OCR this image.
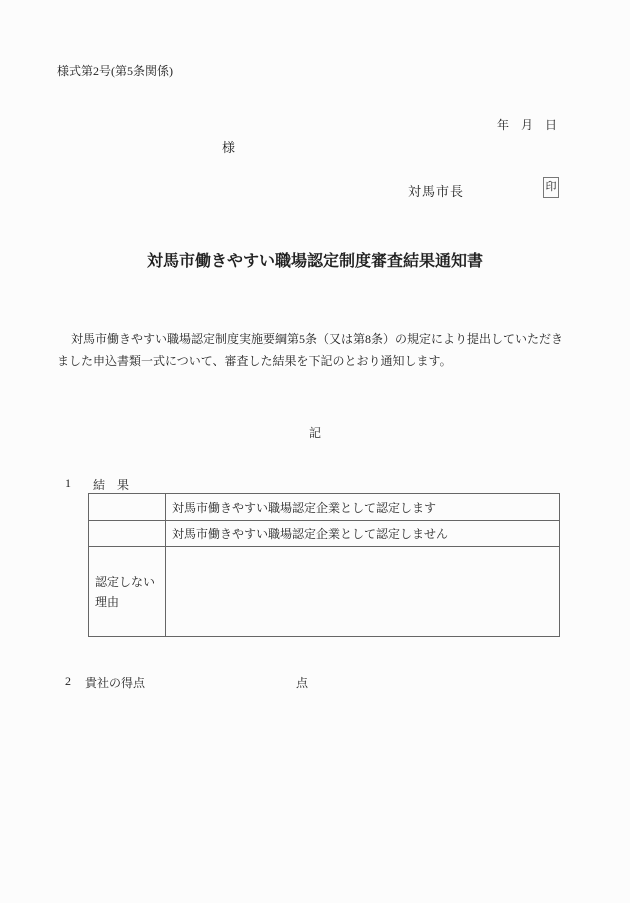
様式第2号(第5条関係)
年　月　日
様
対馬市長	印
対馬市働きやすい職場認定制度審査結果通知書
対馬市働きやすい職場認定制度実施要綱第5条（又は第8条）の規定により提出していただき
ました申込書類一式について、審査した結果を下記のとおり通知します。
記
1 結　果
	対馬市働きやすい職場認定企業として認定します
	対馬市働きやすい職場認定企業として認定しません
認定しない理由	
2 貴社の得点	点
